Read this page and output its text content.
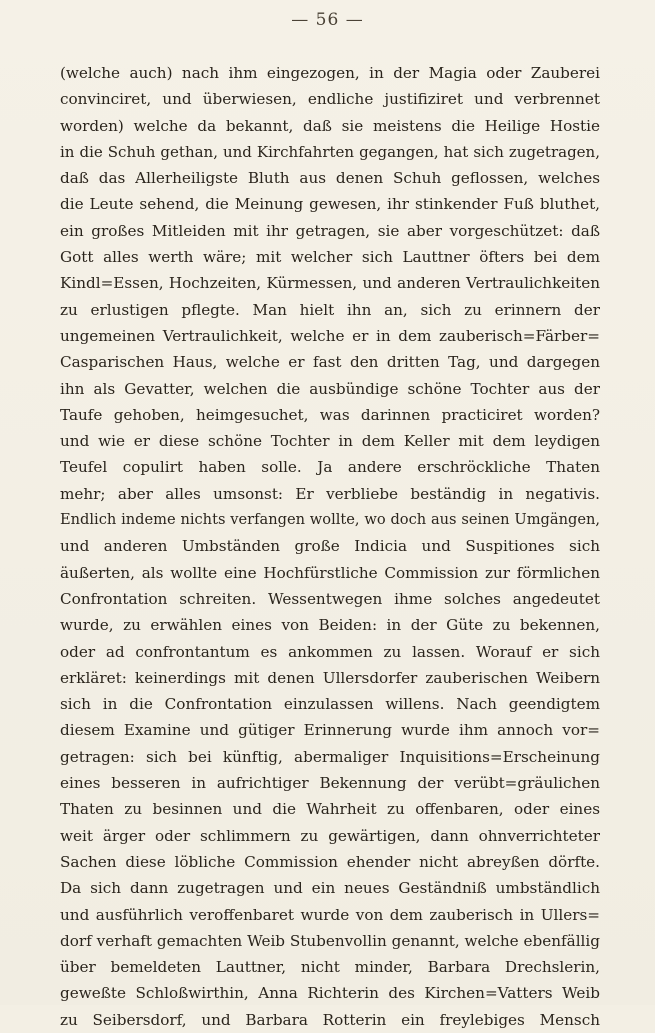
— 56 —

(welche auch) nach ihm eingezogen, in der Magia oder Zauberei
convinciret, und überwiesen, endliche justifiziret und verbrennet
worden) welche da bekannt, daß sie meistens die Heilige Hostie
in die Schuh gethan, und Kirchfahrten gegangen, hat sich zugetragen,
daß das Allerheiligste Bluth aus denen Schuh geflossen, welches
die Leute sehend, die Meinung gewesen, ihr stinkender Fuß bluthet,
ein großes Mitleiden mit ihr getragen, sie aber vorgeschützet: daß
Gott alles werth wäre; mit welcher sich Lauttner öfters bei dem
Kindl=Essen, Hochzeiten, Kürmessen, und anderen Vertraulichkeiten
zu erlustigen pflegte. Man hielt ihn an, sich zu erinnern der
ungemeinen Vertraulichkeit, welche er in dem zauberisch=Färber=
Casparischen Haus, welche er fast den dritten Tag, und dargegen
ihn als Gevatter, welchen die ausbündige schöne Tochter aus der
Taufe gehoben, heimgesuchet, was darinnen practiciret worden?
und wie er diese schöne Tochter in dem Keller mit dem leydigen
Teufel copulirt haben solle. Ja andere erschröckliche Thaten
mehr; aber alles umsonst: Er verbliebe beständig in negativis.
Endlich indeme nichts verfangen wollte, wo doch aus seinen Umgängen,
und anderen Umbständen große Indicia und Suspitiones sich
äußerten, als wollte eine Hochfürstliche Commission zur förmlichen
Confrontation schreiten. Wessentwegen ihme solches angedeutet
wurde, zu erwählen eines von Beiden: in der Güte zu bekennen,
oder ad confrontantum es ankommen zu lassen. Worauf er sich
erkläret: keinerdings mit denen Ullersdorfer zauberischen Weibern
sich in die Confrontation einzulassen willens. Nach geendigtem
diesem Examine und gütiger Erinnerung wurde ihm annoch vor=
getragen: sich bei künftig, abermaliger Inquisitions=Erscheinung
eines besseren in aufrichtiger Bekennung der verübt=gräulichen
Thaten zu besinnen und die Wahrheit zu offenbaren, oder eines
weit ärger oder schlimmern zu gewärtigen, dann ohnverrichteter
Sachen diese löbliche Commission ehender nicht abreyßen dörfte.
Da sich dann zugetragen und ein neues Geständniß umbständlich
und ausführlich veroffenbaret wurde von dem zauberisch in Ullers=
dorf verhaft gemachten Weib Stubenvollin genannt, welche ebenfällig
über bemeldeten Lauttner, nicht minder, Barbara Drechslerin,
geweßte Schloßwirthin, Anna Richterin des Kirchen=Vatters Weib
zu Seibersdorf, und Barbara Rotterin ein freylebiges Mensch
